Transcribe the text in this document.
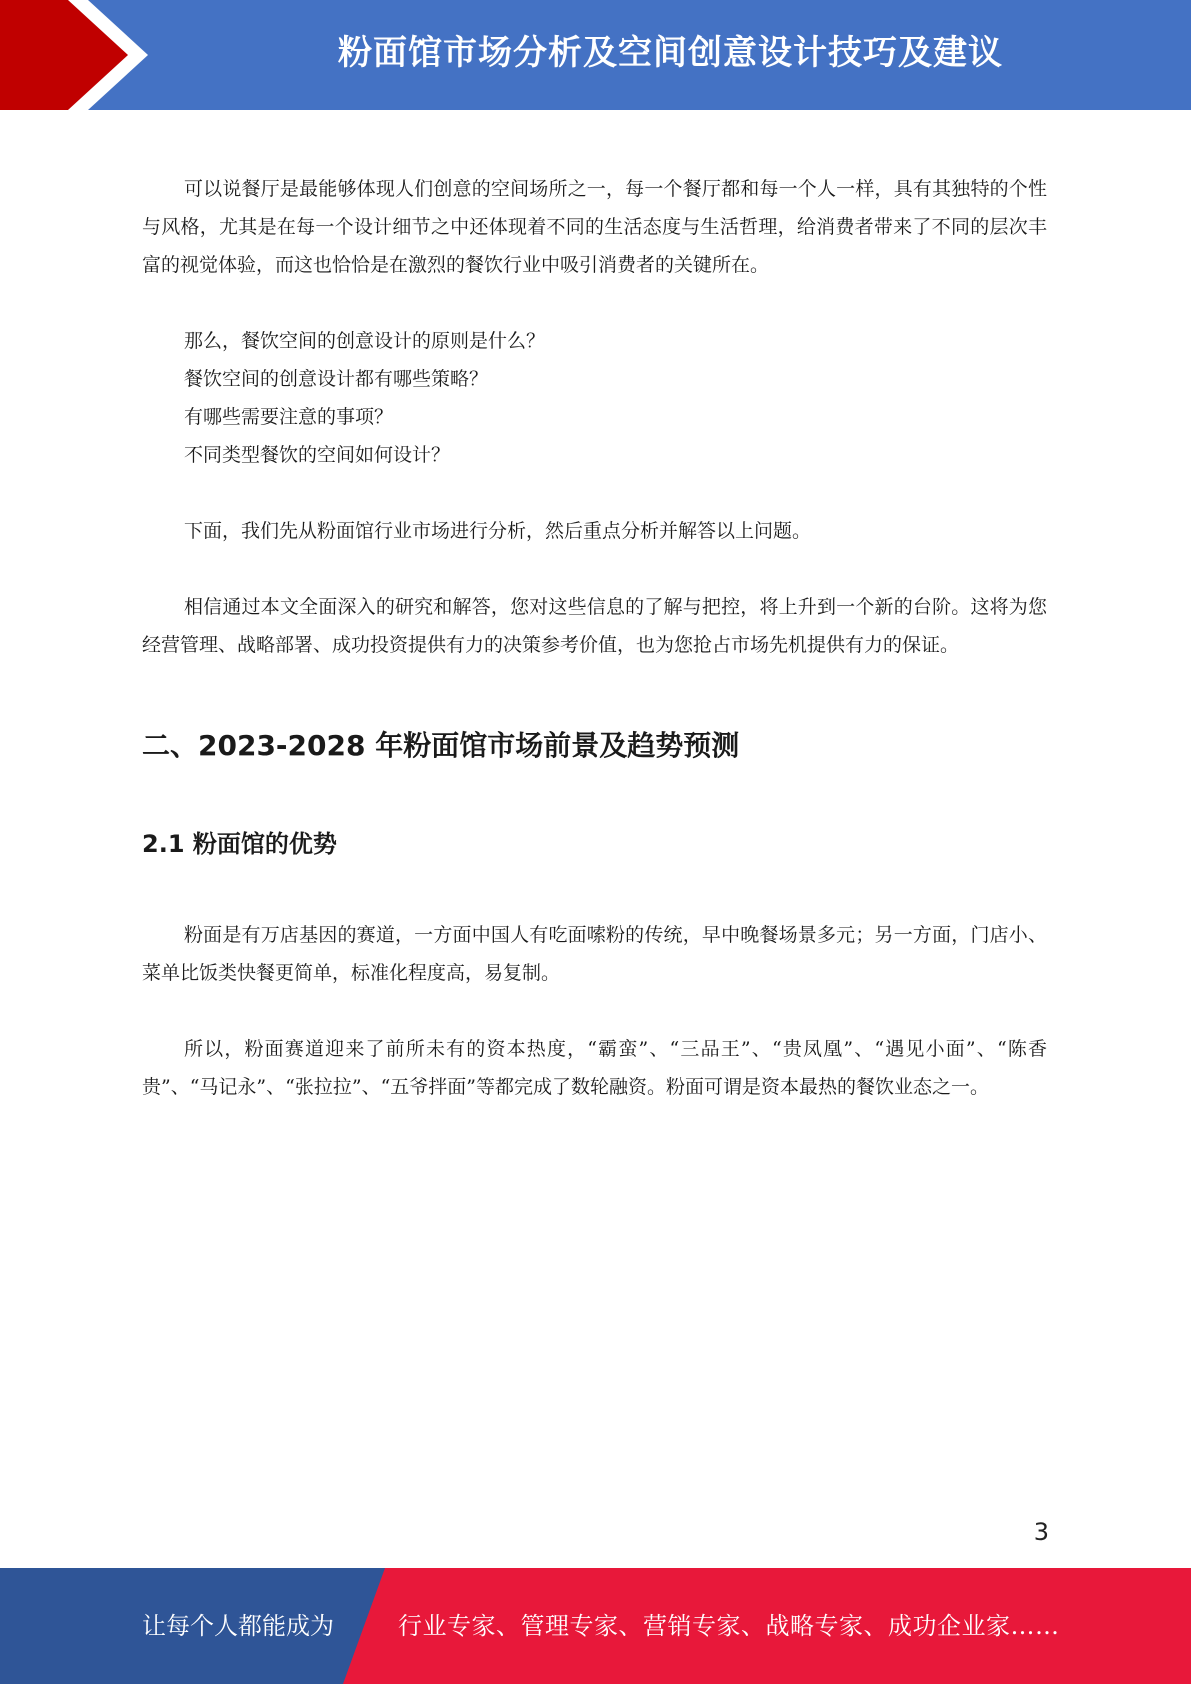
粉面馆市场分析及空间创意设计技巧及建议

可以说餐厅是最能够体现人们创意的空间场所之一，每一个餐厅都和每一个人一样，具有其独特的个性与风格，尤其是在每一个设计细节之中还体现着不同的生活态度与生活哲理，给消费者带来了不同的层次丰富的视觉体验，而这也恰恰是在激烈的餐饮行业中吸引消费者的关键所在。

那么，餐饮空间的创意设计的原则是什么？
餐饮空间的创意设计都有哪些策略？
有哪些需要注意的事项？
不同类型餐饮的空间如何设计？

下面，我们先从粉面馆行业市场进行分析，然后重点分析并解答以上问题。

相信通过本文全面深入的研究和解答，您对这些信息的了解与把控，将上升到一个新的台阶。这将为您经营管理、战略部署、成功投资提供有力的决策参考价值，也为您抢占市场先机提供有力的保证。

二、2023-2028 年粉面馆市场前景及趋势预测
2.1 粉面馆的优势

粉面是有万店基因的赛道，一方面中国人有吃面嗦粉的传统，早中晚餐场景多元；另一方面，门店小、菜单比饭类快餐更简单，标准化程度高，易复制。

所以，粉面赛道迎来了前所未有的资本热度，“霸蛮”、“三品王”、“贵凤凰”、“遇见小面”、“陈香贵”、“马记永”、“张拉拉”、“五爷拌面”等都完成了数轮融资。粉面可谓是资本最热的餐饮业态之一。

3
让每个人都能成为	行业专家、管理专家、营销专家、战略专家、成功企业家……
